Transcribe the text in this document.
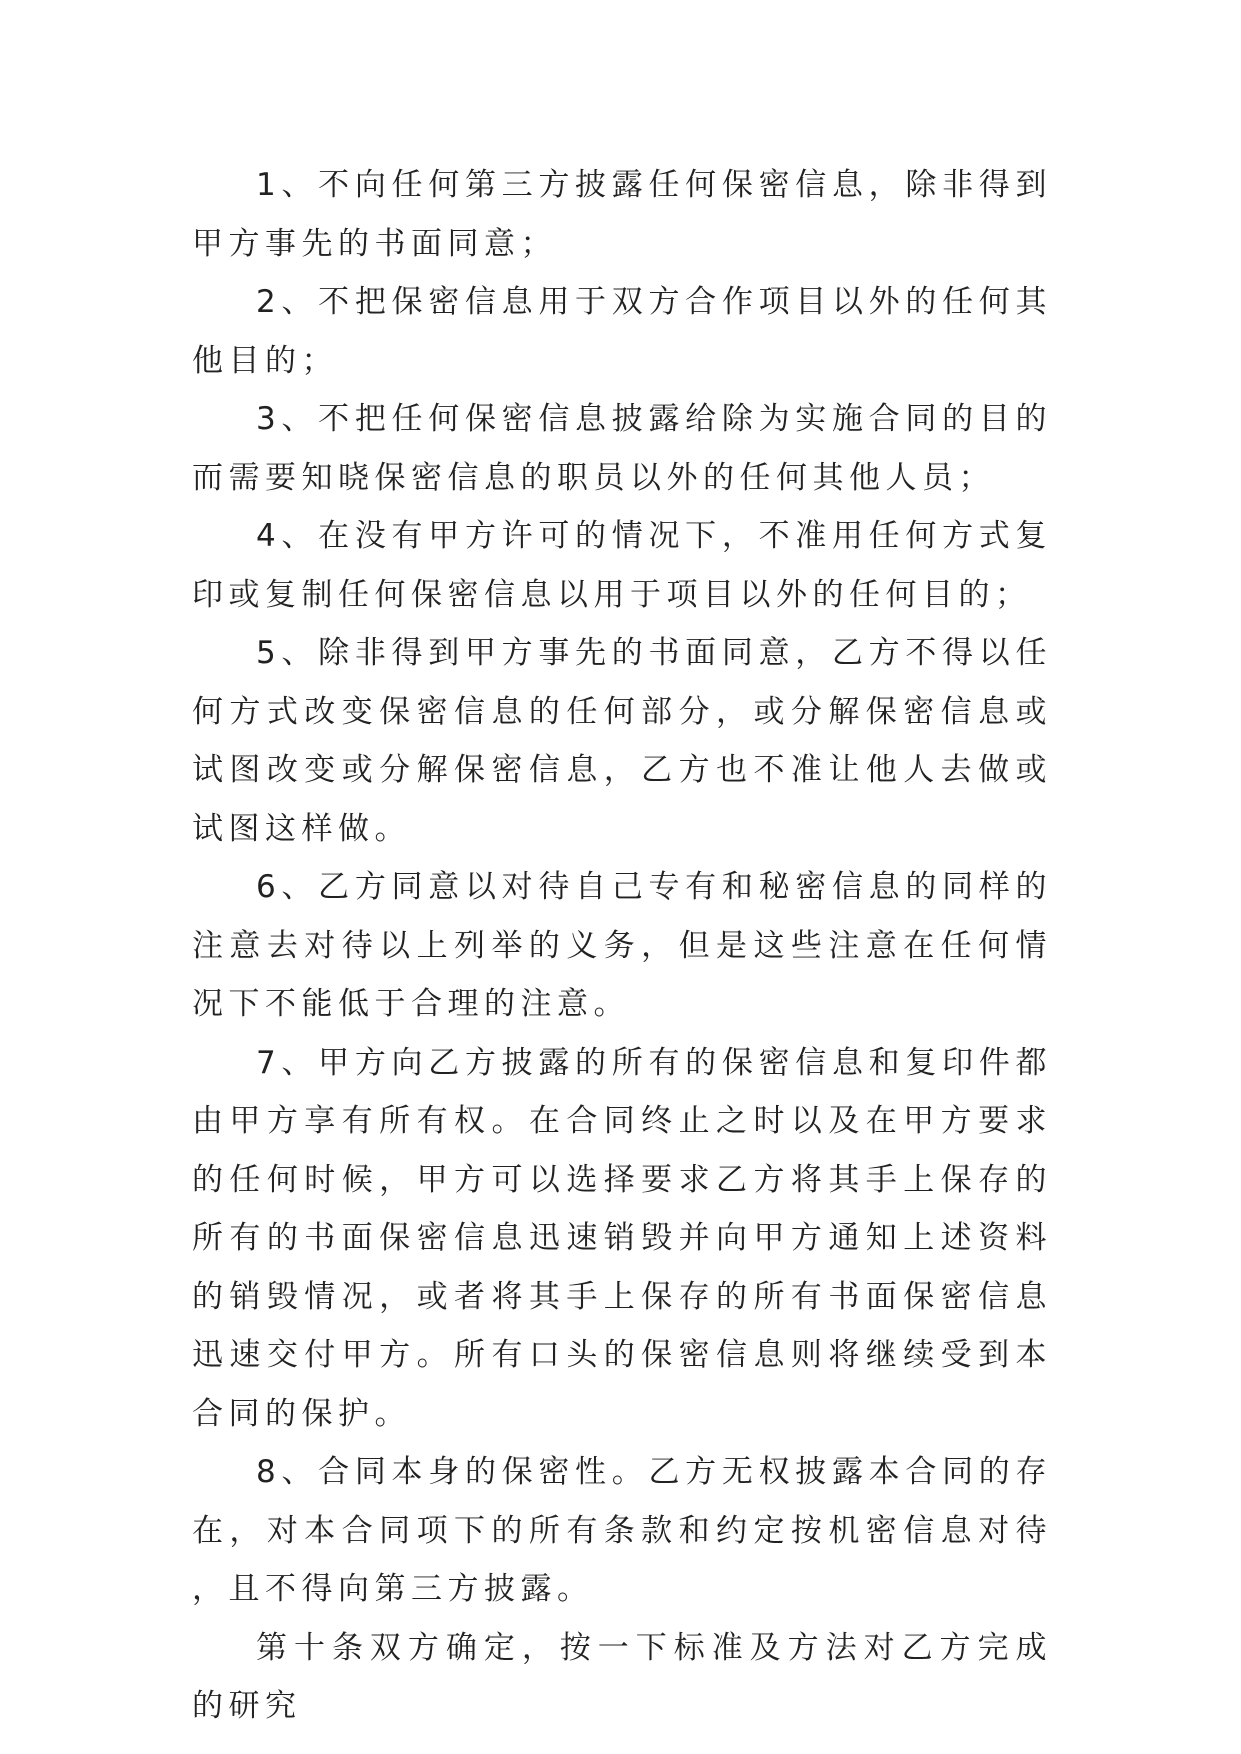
1、不向任何第三方披露任何保密信息，除非得到甲方事先的书面同意；

2、不把保密信息用于双方合作项目以外的任何其他目的；

3、不把任何保密信息披露给除为实施合同的目的而需要知晓保密信息的职员以外的任何其他人员；

4、在没有甲方许可的情况下，不准用任何方式复印或复制任何保密信息以用于项目以外的任何目的；

5、除非得到甲方事先的书面同意，乙方不得以任何方式改变保密信息的任何部分，或分解保密信息或试图改变或分解保密信息，乙方也不准让他人去做或试图这样做。

6、乙方同意以对待自己专有和秘密信息的同样的注意去对待以上列举的义务，但是这些注意在任何情况下不能低于合理的注意。

7、甲方向乙方披露的所有的保密信息和复印件都由甲方享有所有权。在合同终止之时以及在甲方要求的任何时候，甲方可以选择要求乙方将其手上保存的所有的书面保密信息迅速销毁并向甲方通知上述资料的销毁情况，或者将其手上保存的所有书面保密信息迅速交付甲方。所有口头的保密信息则将继续受到本合同的保护。

8、合同本身的保密性。乙方无权披露本合同的存在，对本合同项下的所有条款和约定按机密信息对待，且不得向第三方披露。

第十条双方确定，按一下标准及方法对乙方完成的研究
